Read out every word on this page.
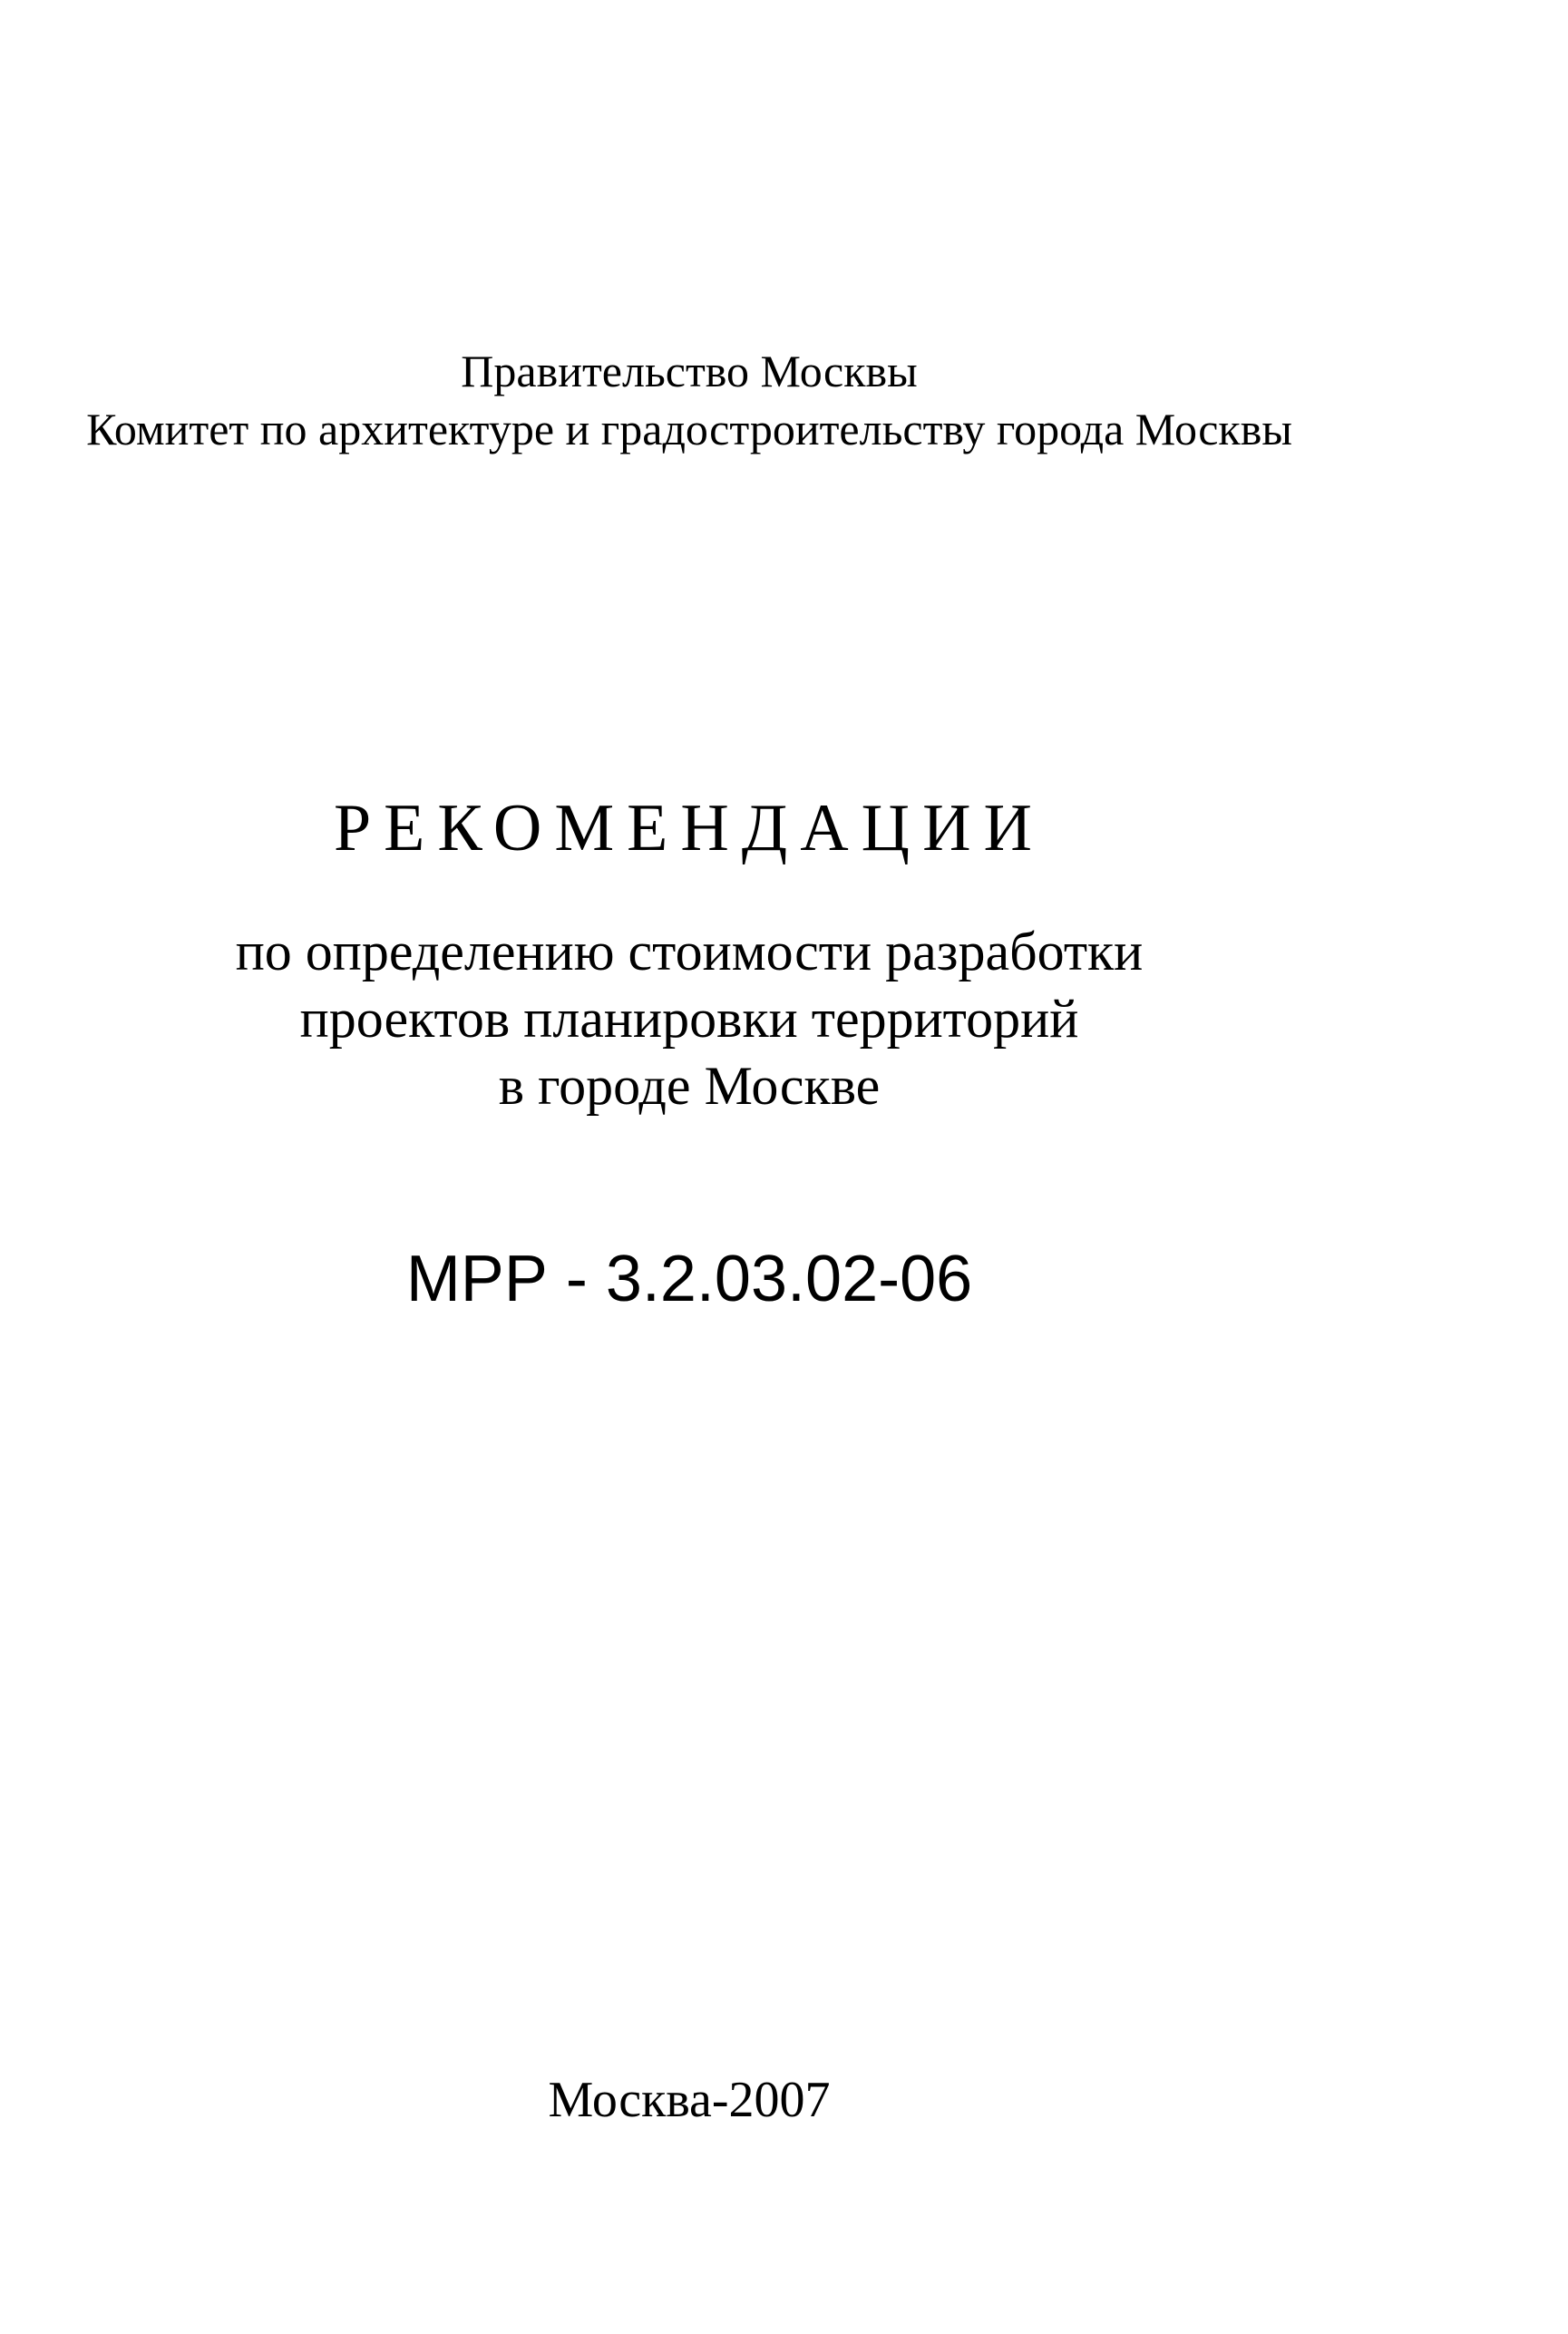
Правительство Москвы
Комитет по архитектуре и градостроительству города Москвы
РЕКОМЕНДАЦИИ
по определению стоимости разработки
проектов планировки территорий
в городе Москве
МРР - 3.2.03.02-06
Москва-2007
